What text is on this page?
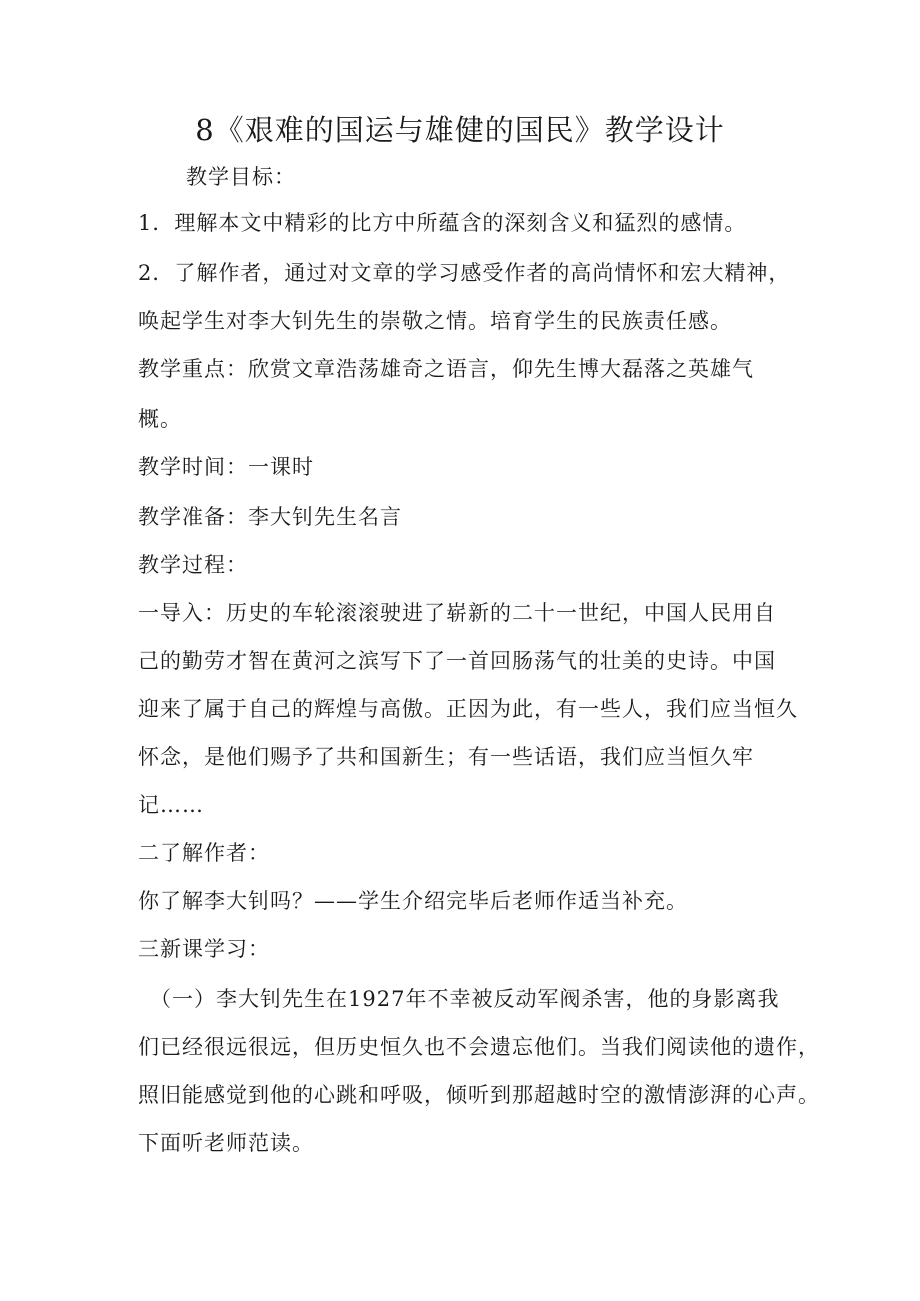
8《艰难的国运与雄健的国民》教学设计
教学目标：
1．理解本文中精彩的比方中所蕴含的深刻含义和猛烈的感情。
2．了解作者，通过对文章的学习感受作者的高尚情怀和宏大精神，
唤起学生对李大钊先生的崇敬之情。培育学生的民族责任感。
教学重点：欣赏文章浩荡雄奇之语言，仰先生博大磊落之英雄气
概。
教学时间：一课时
教学准备：李大钊先生名言
教学过程：
一导入：历史的车轮滚滚驶进了崭新的二十一世纪，中国人民用自
己的勤劳才智在黄河之滨写下了一首回肠荡气的壮美的史诗。中国
迎来了属于自己的辉煌与高傲。正因为此，有一些人，我们应当恒久
怀念，是他们赐予了共和国新生；有一些话语，我们应当恒久牢
记……
二了解作者：
你了解李大钊吗？——学生介绍完毕后老师作适当补充。
三新课学习：
（一）李大钊先生在1927年不幸被反动军阀杀害，他的身影离我
们已经很远很远，但历史恒久也不会遗忘他们。当我们阅读他的遗作，
照旧能感觉到他的心跳和呼吸，倾听到那超越时空的激情澎湃的心声。
下面听老师范读。
